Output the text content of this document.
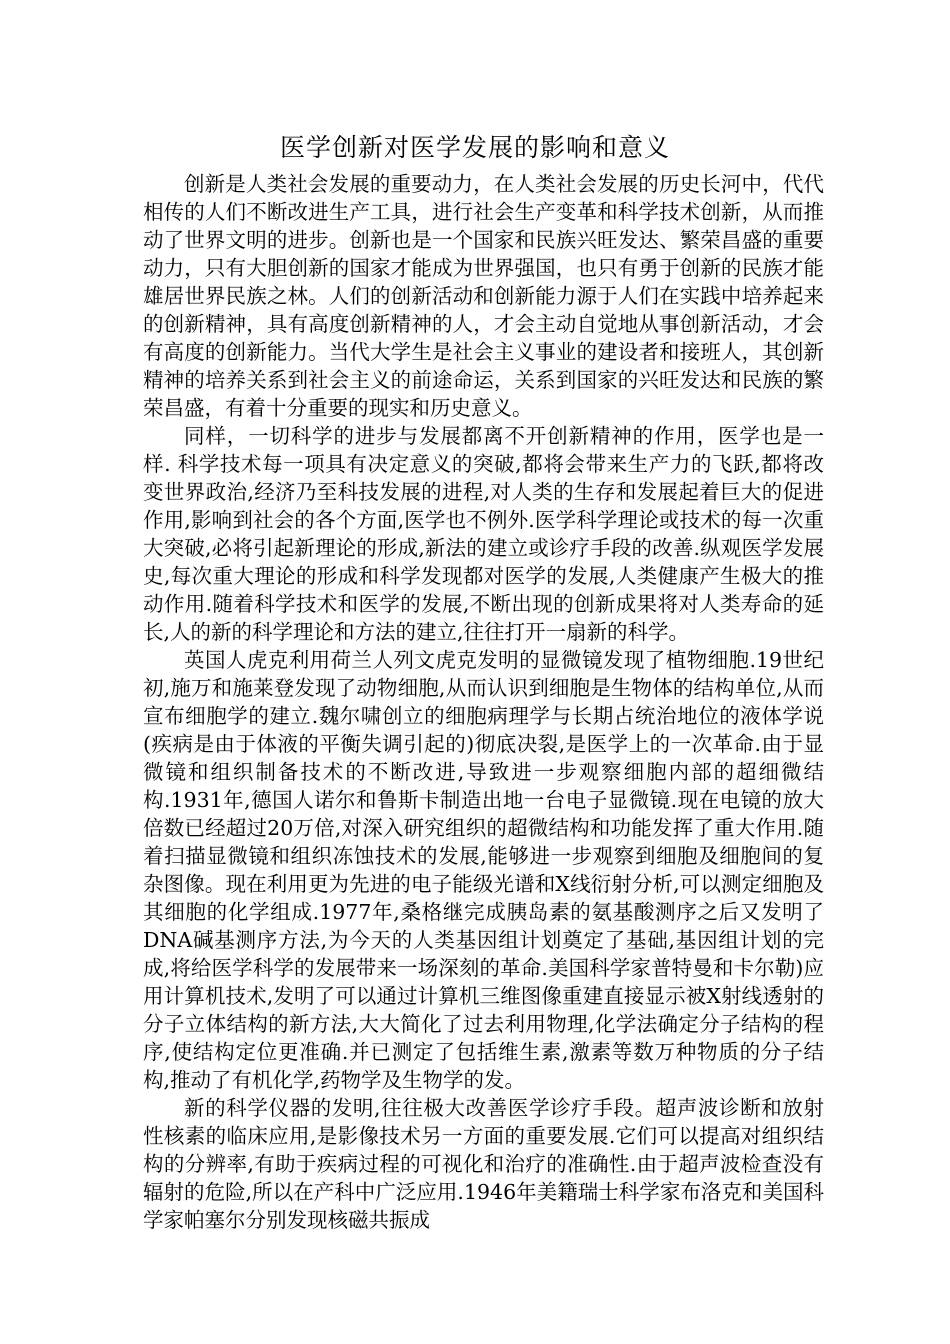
医学创新对医学发展的影响和意义

创新是人类社会发展的重要动力，在人类社会发展的历史长河中，代代相传的人们不断改进生产工具，进行社会生产变革和科学技术创新，从而推动了世界文明的进步。创新也是一个国家和民族兴旺发达、繁荣昌盛的重要动力，只有大胆创新的国家才能成为世界强国，也只有勇于创新的民族才能雄居世界民族之林。人们的创新活动和创新能力源于人们在实践中培养起来的创新精神，具有高度创新精神的人，才会主动自觉地从事创新活动，才会有高度的创新能力。当代大学生是社会主义事业的建设者和接班人，其创新精神的培养关系到社会主义的前途命运，关系到国家的兴旺发达和民族的繁荣昌盛，有着十分重要的现实和历史意义。

同样，一切科学的进步与发展都离不开创新精神的作用，医学也是一样. 科学技术每一项具有决定意义的突破,都将会带来生产力的飞跃,都将改变世界政治,经济乃至科技发展的进程,对人类的生存和发展起着巨大的促进作用,影响到社会的各个方面,医学也不例外.医学科学理论或技术的每一次重大突破,必将引起新理论的形成,新法的建立或诊疗手段的改善.纵观医学发展史,每次重大理论的形成和科学发现都对医学的发展,人类健康产生极大的推动作用.随着科学技术和医学的发展,不断出现的创新成果将对人类寿命的延长,人的新的科学理论和方法的建立,往往打开一扇新的科学。

英国人虎克利用荷兰人列文虎克发明的显微镜发现了植物细胞.19世纪初,施万和施莱登发现了动物细胞,从而认识到细胞是生物体的结构单位,从而宣布细胞学的建立.魏尔啸创立的细胞病理学与长期占统治地位的液体学说(疾病是由于体液的平衡失调引起的)彻底决裂,是医学上的一次革命.由于显微镜和组织制备技术的不断改进,导致进一步观察细胞内部的超细微结构.1931年,德国人诺尔和鲁斯卡制造出地一台电子显微镜.现在电镜的放大倍数已经超过20万倍,对深入研究组织的超微结构和功能发挥了重大作用.随着扫描显微镜和组织冻蚀技术的发展,能够进一步观察到细胞及细胞间的复杂图像。现在利用更为先进的电子能级光谱和X线衍射分析,可以测定细胞及其细胞的化学组成.1977年,桑格继完成胰岛素的氨基酸测序之后又发明了DNA碱基测序方法,为今天的人类基因组计划奠定了基础,基因组计划的完成,将给医学科学的发展带来一场深刻的革命.美国科学家普特曼和卡尔勒)应用计算机技术,发明了可以通过计算机三维图像重建直接显示被X射线透射的分子立体结构的新方法,大大简化了过去利用物理,化学法确定分子结构的程序,使结构定位更准确.并已测定了包括维生素,激素等数万种物质的分子结构,推动了有机化学,药物学及生物学的发。

新的科学仪器的发明,往往极大改善医学诊疗手段。超声波诊断和放射性核素的临床应用,是影像技术另一方面的重要发展.它们可以提高对组织结构的分辨率,有助于疾病过程的可视化和治疗的准确性.由于超声波检查没有辐射的危险,所以在产科中广泛应用.1946年美籍瑞士科学家布洛克和美国科学家帕塞尔分别发现核磁共振成
